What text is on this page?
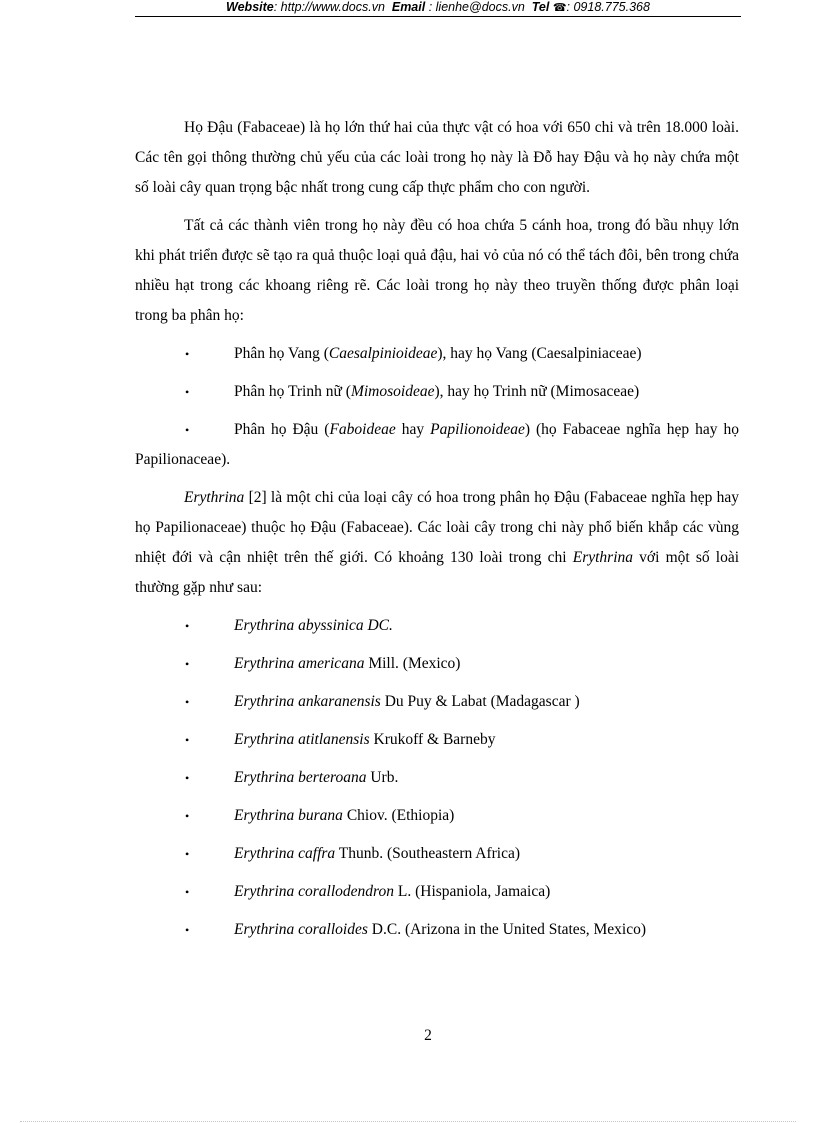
Website: http://www.docs.vn Email : lienhe@docs.vn Tel ☎: 0918.775.368

Họ Đậu (Fabaceae) là họ lớn thứ hai của thực vật có hoa với 650 chi và trên 18.000 loài. Các tên gọi thông thường chủ yếu của các loài trong họ này là Đỗ hay Đậu và họ này chứa một số loài cây quan trọng bậc nhất trong cung cấp thực phẩm cho con người.

Tất cả các thành viên trong họ này đều có hoa chứa 5 cánh hoa, trong đó bầu nhụy lớn khi phát triển được sẽ tạo ra quả thuộc loại quả đậu, hai vỏ của nó có thể tách đôi, bên trong chứa nhiều hạt trong các khoang riêng rẽ. Các loài trong họ này theo truyền thống được phân loại trong ba phân họ:

•	Phân họ Vang (Caesalpinioideae), hay họ Vang (Caesalpiniaceae)
•	Phân họ Trinh nữ (Mimosoideae), hay họ Trinh nữ (Mimosaceae)
•	Phân họ Đậu (Faboideae hay Papilionoideae) (họ Fabaceae nghĩa hẹp hay họ Papilionaceae).

Erythrina [2] là một chi của loại cây có hoa trong phân họ Đậu (Fabaceae nghĩa hẹp hay họ Papilionaceae) thuộc họ Đậu (Fabaceae). Các loài cây trong chi này phổ biến khắp các vùng nhiệt đới và cận nhiệt trên thế giới. Có khoảng 130 loài trong chi Erythrina với một số loài thường gặp như sau:

•	Erythrina abyssinica DC.
•	Erythrina americana Mill. (Mexico)
•	Erythrina ankaranensis Du Puy & Labat (Madagascar )
•	Erythrina atitlanensis Krukoff & Barneby
•	Erythrina berteroana Urb.
•	Erythrina burana Chiov. (Ethiopia)
•	Erythrina caffra Thunb. (Southeastern Africa)
•	Erythrina corallodendron L. (Hispaniola, Jamaica)
•	Erythrina coralloides D.C. (Arizona in the United States, Mexico)
2
